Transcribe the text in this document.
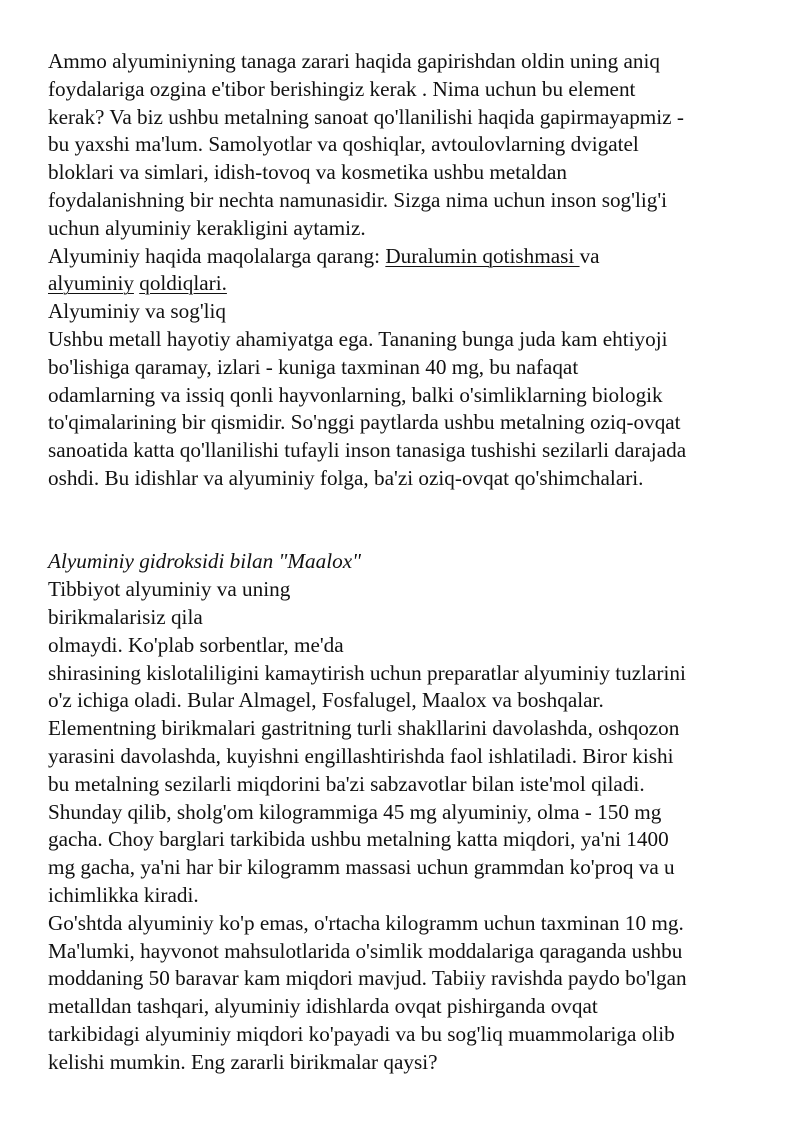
Ammo alyuminiyning tanaga zarari haqida gapirishdan oldin uning aniq
foydalariga ozgina e'tibor berishingiz kerak . Nima uchun bu element
kerak? Va biz ushbu metalning sanoat qo'llanilishi haqida gapirmayapmiz -
bu yaxshi ma'lum. Samolyotlar va qoshiqlar, avtoulovlarning dvigatel
bloklari va simlari, idish-tovoq va kosmetika ushbu metaldan
foydalanishning bir nechta namunasidir. Sizga nima uchun inson sog'lig'i
uchun alyuminiy kerakligini aytamiz.
Alyuminiy haqida maqolalarga qarang: Duralumin qotishmasi va
alyuminiy qoldiqlari.
Alyuminiy va sog'liq
Ushbu metall hayotiy ahamiyatga ega. Tananing bunga juda kam ehtiyoji
bo'lishiga qaramay, izlari - kuniga taxminan 40 mg, bu nafaqat
odamlarning va issiq qonli hayvonlarning, balki o'simliklarning biologik
to'qimalarining bir qismidir. So'nggi paytlarda ushbu metalning oziq-ovqat
sanoatida katta qo'llanilishi tufayli inson tanasiga tushishi sezilarli darajada
oshdi. Bu idishlar va alyuminiy folga, ba'zi oziq-ovqat qo'shimchalari.
Alyuminiy gidroksidi bilan "Maalox"
Tibbiyot alyuminiy va uning
birikmalarisiz qila
olmaydi. Ko'plab sorbentlar, me'da
shirasining kislotaliligini kamaytirish uchun preparatlar alyuminiy tuzlarini
o'z ichiga oladi. Bular Almagel, Fosfalugel, Maalox va boshqalar.
Elementning birikmalari gastritning turli shakllarini davolashda, oshqozon
yarasini davolashda, kuyishni engillashtirishda faol ishlatiladi. Biror kishi
bu metalning sezilarli miqdorini ba'zi sabzavotlar bilan iste'mol qiladi.
Shunday qilib, sholg'om kilogrammiga 45 mg alyuminiy, olma - 150 mg
gacha. Choy barglari tarkibida ushbu metalning katta miqdori, ya'ni 1400
mg gacha, ya'ni har bir kilogramm massasi uchun grammdan ko'proq va u
ichimlikka kiradi.
Go'shtda alyuminiy ko'p emas, o'rtacha kilogramm uchun taxminan 10 mg.
Ma'lumki, hayvonot mahsulotlarida o'simlik moddalariga qaraganda ushbu
moddaning 50 baravar kam miqdori mavjud. Tabiiy ravishda paydo bo'lgan
metalldan tashqari, alyuminiy idishlarda ovqat pishirganda ovqat
tarkibidagi alyuminiy miqdori ko'payadi va bu sog'liq muammolariga olib
kelishi mumkin. Eng zararli birikmalar qaysi?
